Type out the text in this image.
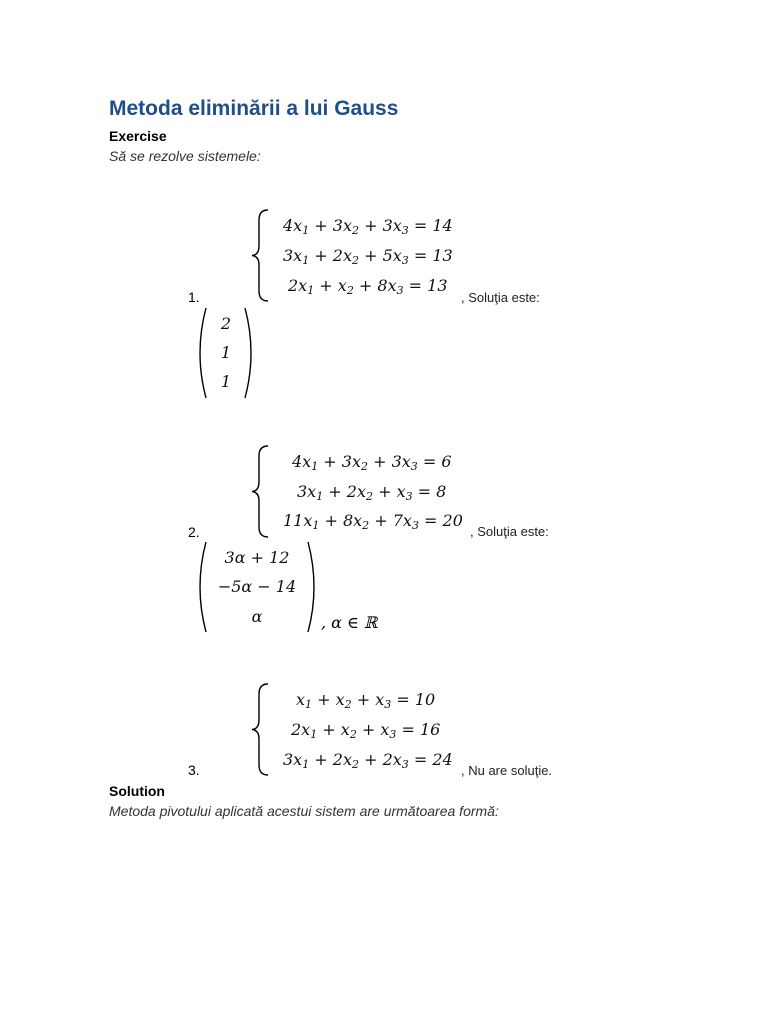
Metoda eliminării a lui Gauss
Exercise
Să se rezolve sistemele:
$4x_1 + 3x_2 + 3x_3 = 14$
$3x_1 + 2x_2 + 5x_3 = 13$
$2x_1 + x_2 + 8x_3 = 13$
1.	, Soluţia este:
2
1
1
$4x_1 + 3x_2 + 3x_3 = 6$
$3x_1 + 2x_2 + x_3 = 8$
$11x_1 + 8x_2 + 7x_3 = 20$
2.	, Soluţia este:
3α + 12
−5α − 14
α	, α ∈ ℝ
$x_1 + x_2 + x_3 = 10$
$2x_1 + x_2 + x_3 = 16$
$3x_1 + 2x_2 + 2x_3 = 24$
3.	, Nu are soluţie.
Solution
Metoda pivotului aplicată acestui sistem are următoarea formă:
